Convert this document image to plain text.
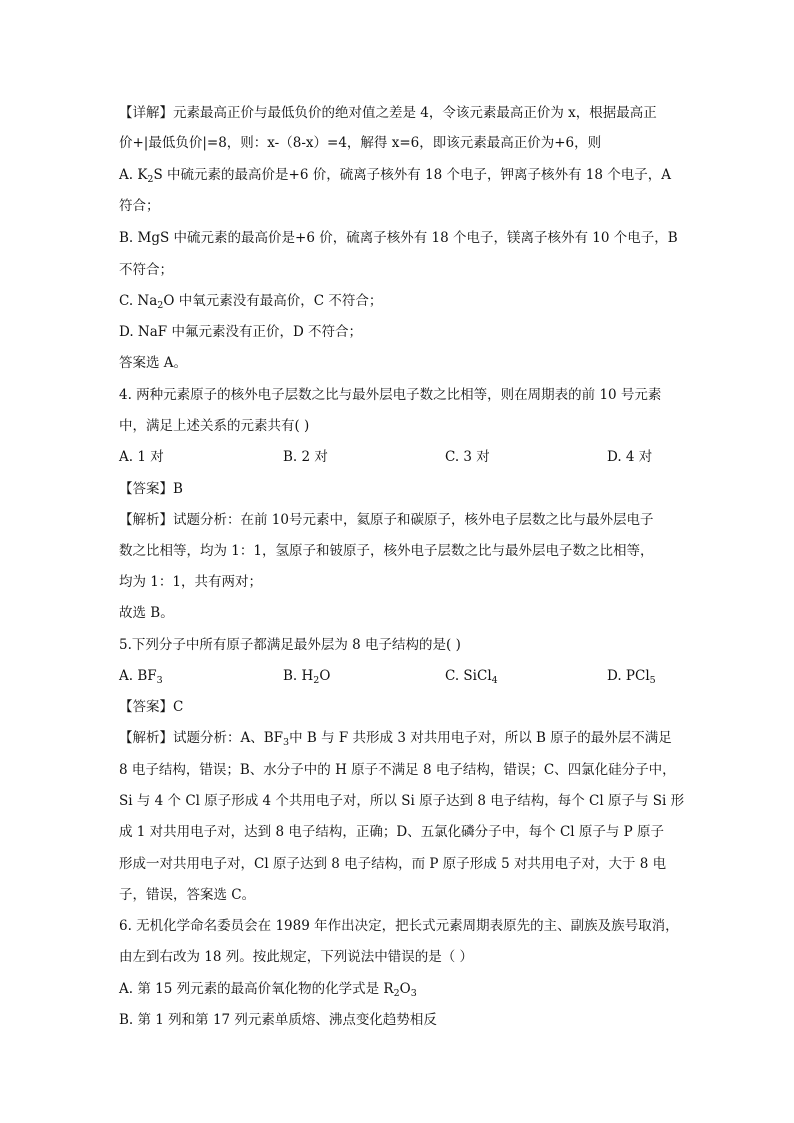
【详解】元素最高正价与最低负价的绝对值之差是 4，令该元素最高正价为 x，根据最高正
价+|最低负价|=8，则：x-（8-x）=4，解得 x=6，即该元素最高正价为+6，则
A. $K_2S$ 中硫元素的最高价是+6 价，硫离子核外有 18 个电子，钾离子核外有 18 个电子，A
符合；
B. MgS 中硫元素的最高价是+6 价，硫离子核外有 18 个电子，镁离子核外有 10 个电子，B
不符合；
C. $Na_2O$ 中氧元素没有最高价，C 不符合；
D. NaF 中氟元素没有正价，D 不符合；
答案选 A。
4. 两种元素原子的核外电子层数之比与最外层电子数之比相等，则在周期表的前 10 号元素
中，满足上述关系的元素共有( )
A. 1 对	B. 2 对	C. 3 对	D. 4 对
【答案】B
【解析】试题分析：在前 10号元素中，氦原子和碳原子，核外电子层数之比与最外层电子
数之比相等，均为 1：1，氢原子和铍原子，核外电子层数之比与最外层电子数之比相等，
均为 1：1，共有两对；
故选 B。
5.下列分子中所有原子都满足最外层为 8 电子结构的是( )
A. $BF_3$	B. $H_2O$	C. SiCl$_4$	D. PCl$_5$
【答案】C
【解析】试题分析：A、$BF_3$中 B 与 F 共形成 3 对共用电子对，所以 B 原子的最外层不满足
8 电子结构，错误；B、水分子中的 H 原子不满足 8 电子结构，错误；C、四氯化硅分子中，
Si 与 4 个 Cl 原子形成 4 个共用电子对，所以 Si 原子达到 8 电子结构，每个 Cl 原子与 Si 形
成 1 对共用电子对，达到 8 电子结构，正确；D、五氯化磷分子中，每个 Cl 原子与 P 原子
形成一对共用电子对，Cl 原子达到 8 电子结构，而 P 原子形成 5 对共用电子对，大于 8 电
子，错误，答案选 C。
6. 无机化学命名委员会在 1989 年作出决定，把长式元素周期表原先的主、副族及族号取消，
由左到右改为 18 列。按此规定，下列说法中错误的是（ ）
A. 第 15 列元素的最高价氧化物的化学式是 $R_2O_3$
B. 第 1 列和第 17 列元素单质熔、沸点变化趋势相反
